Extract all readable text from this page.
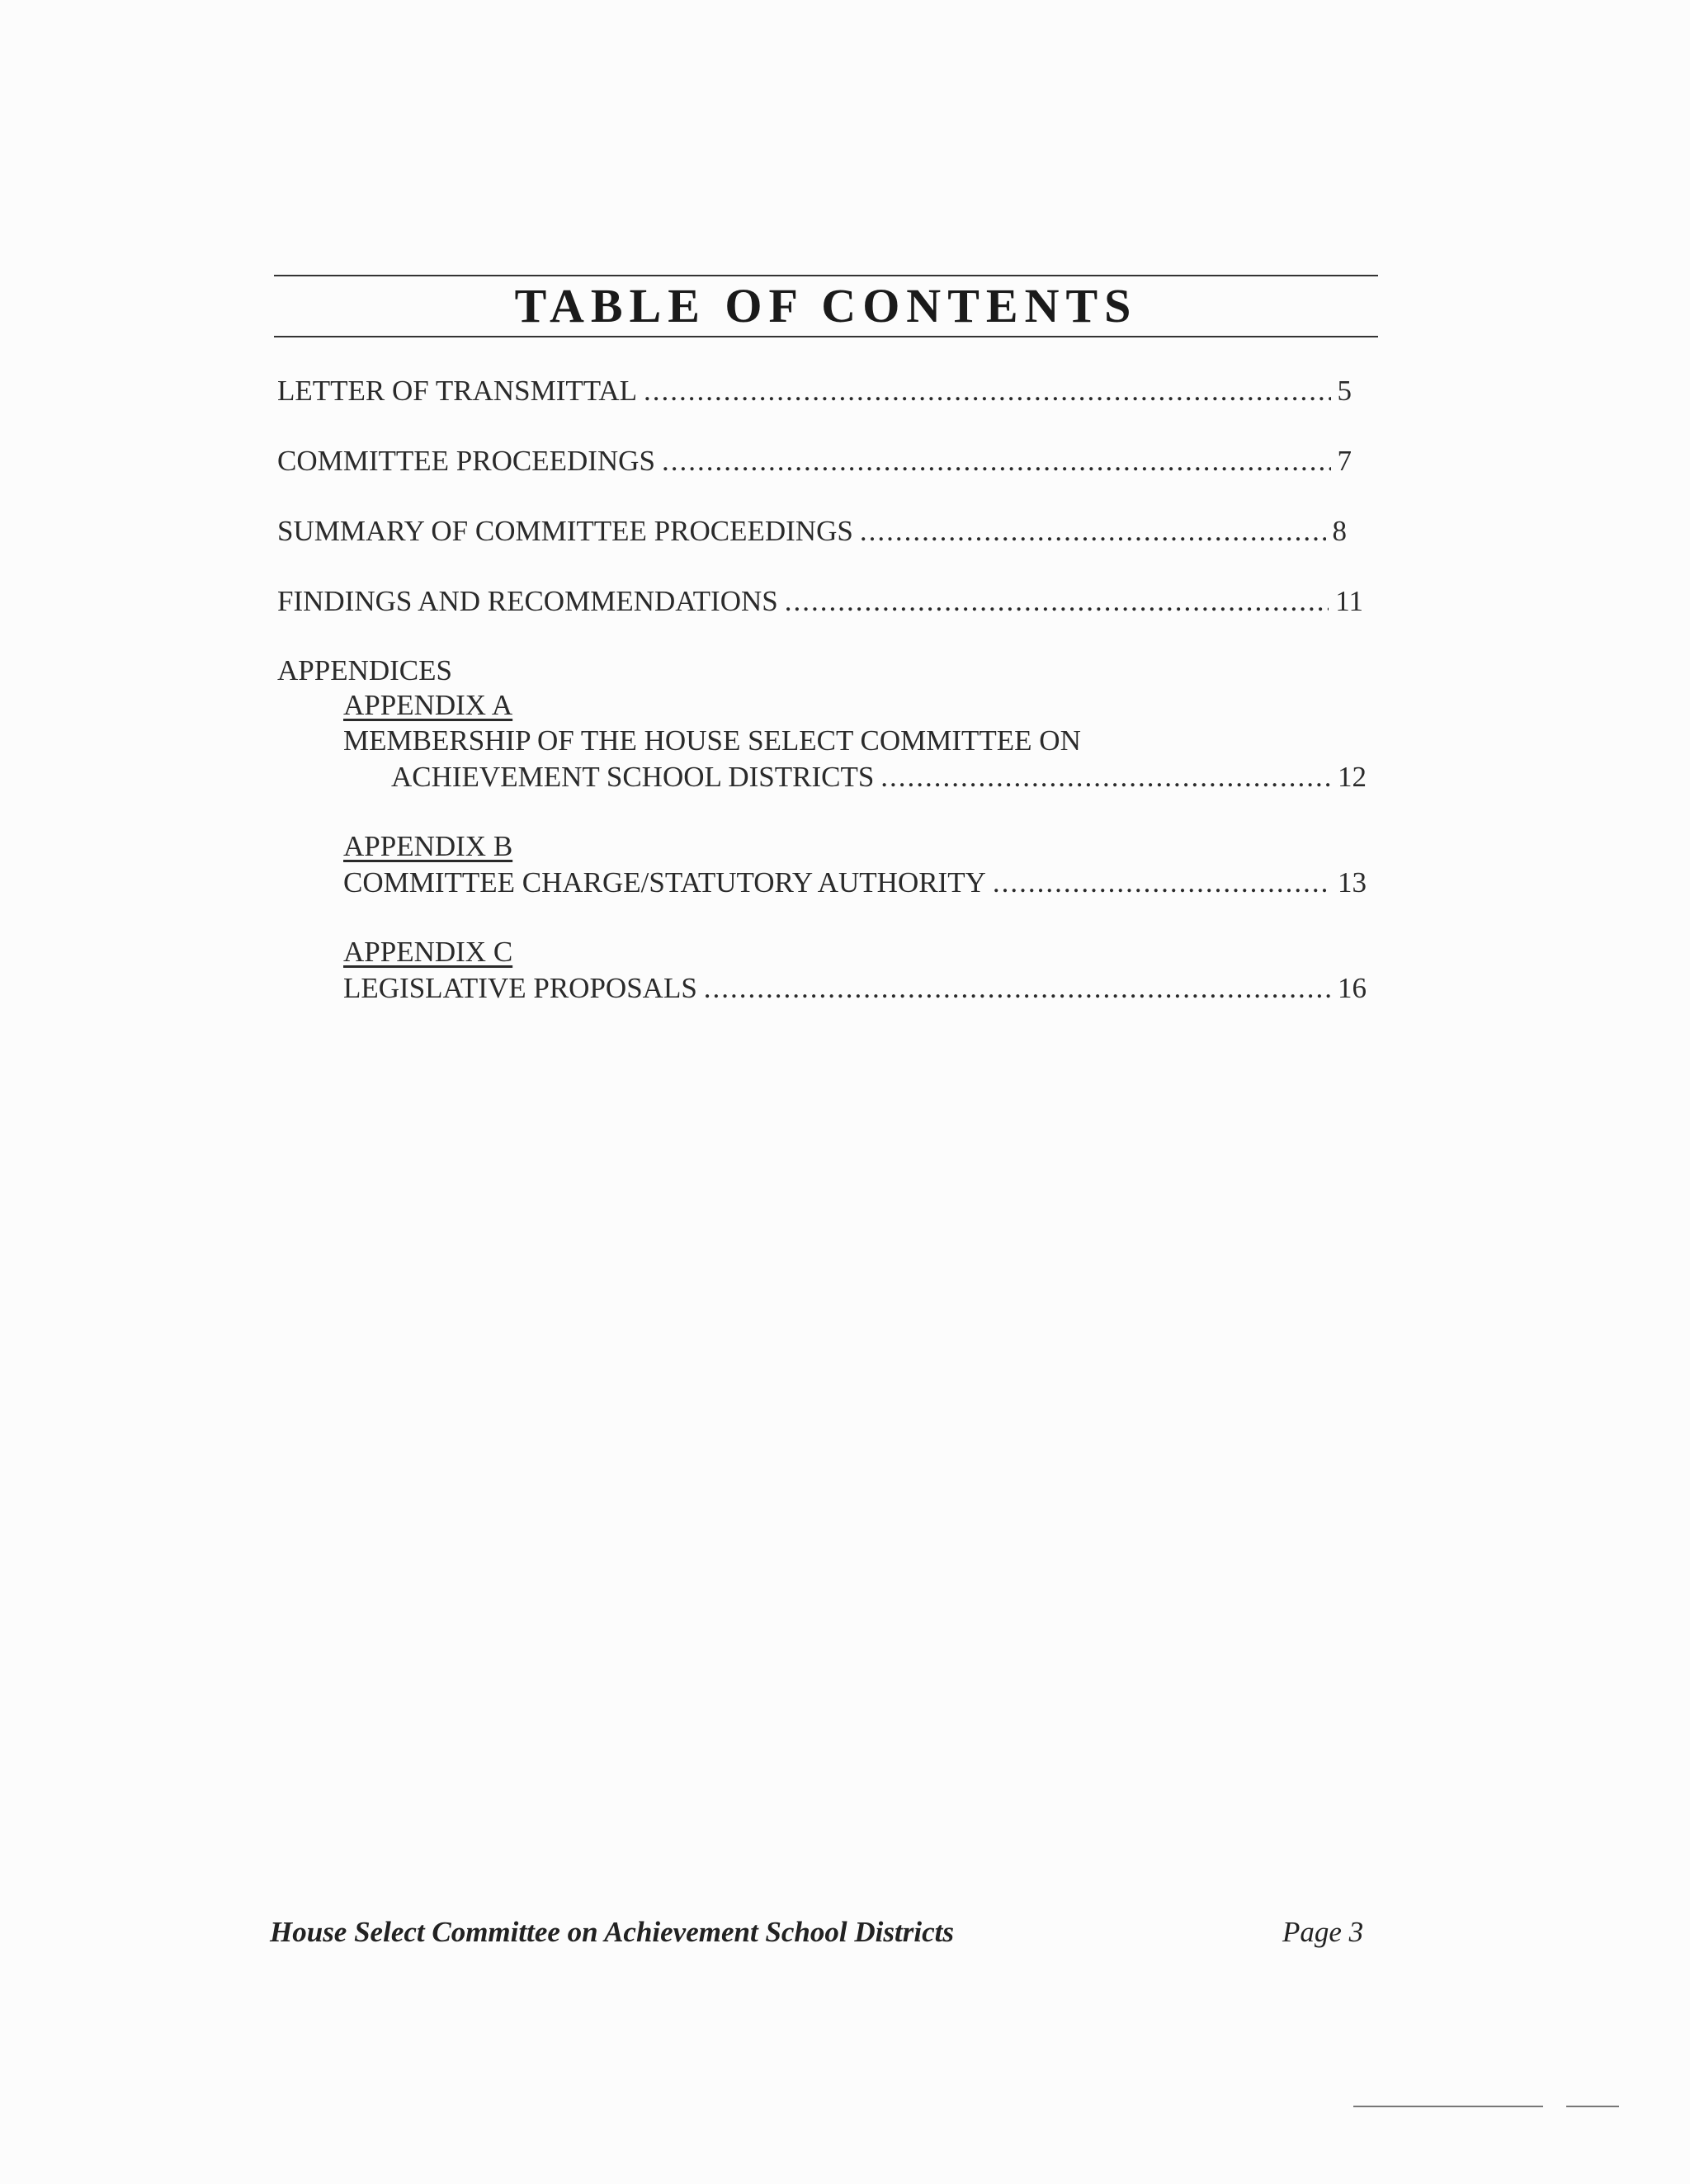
TABLE OF CONTENTS
LETTER OF TRANSMITTAL .....	5
COMMITTEE PROCEEDINGS .....	7
SUMMARY OF COMMITTEE PROCEEDINGS .....	8
FINDINGS AND RECOMMENDATIONS .....	11
APPENDICES
APPENDIX A
MEMBERSHIP OF THE HOUSE SELECT COMMITTEE ON
ACHIEVEMENT SCHOOL DISTRICTS .....	12
APPENDIX B
COMMITTEE CHARGE/STATUTORY AUTHORITY .....	13
APPENDIX C
LEGISLATIVE PROPOSALS .....	16
House Select Committee on Achievement School Districts	Page 3
